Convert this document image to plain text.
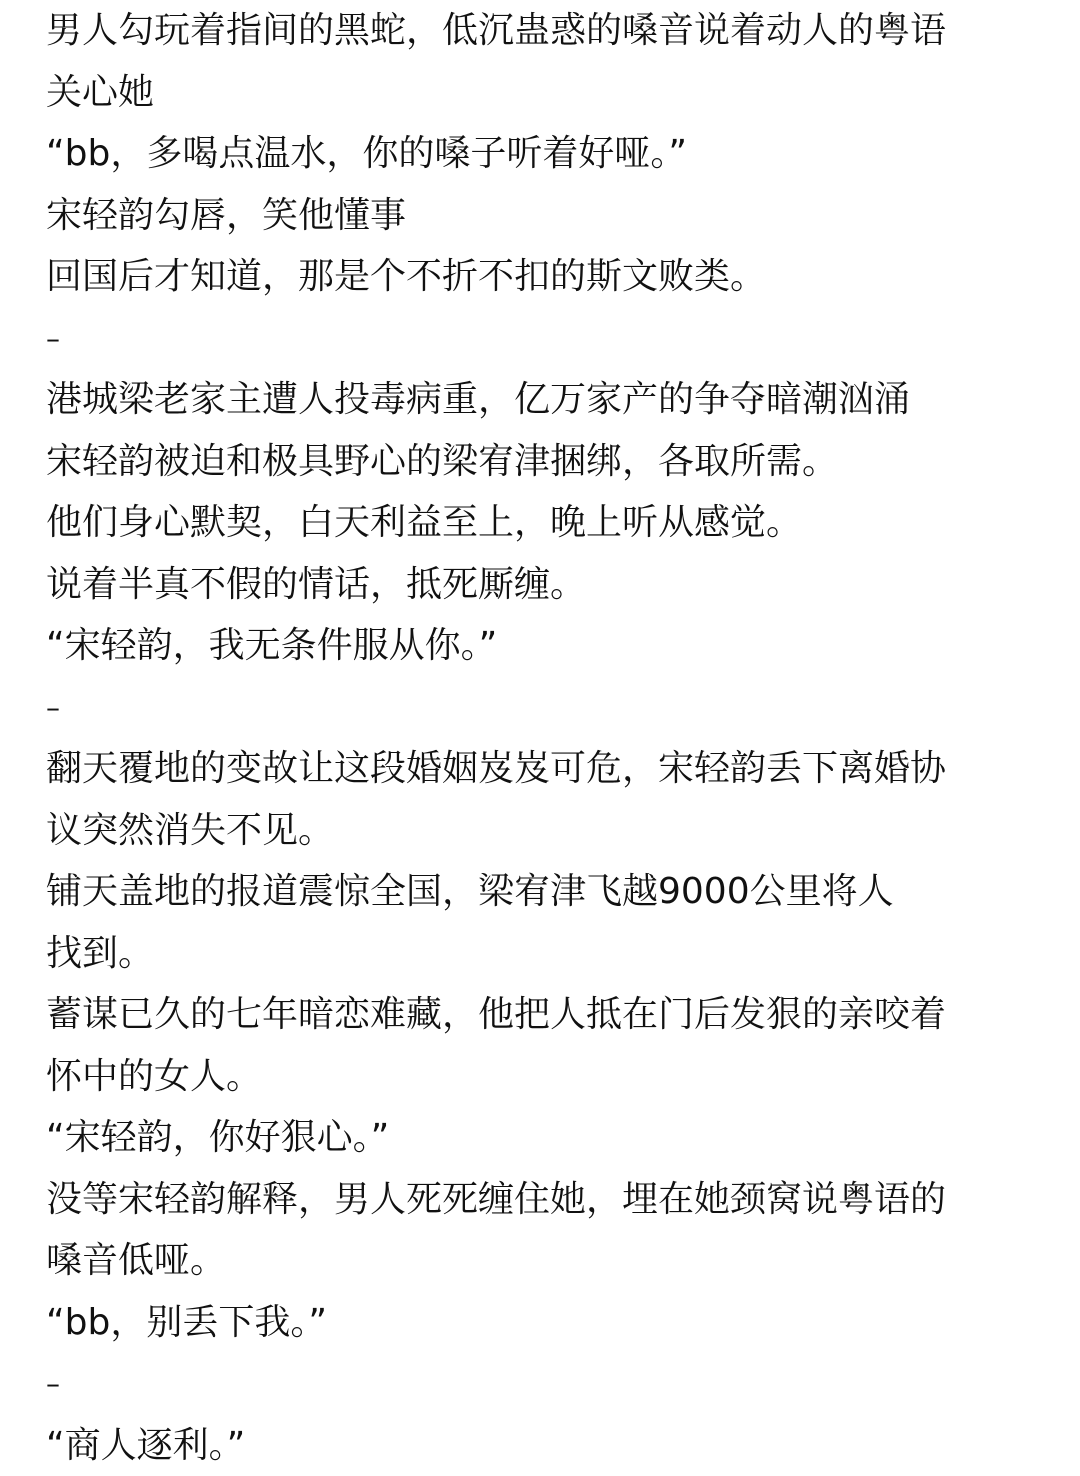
男人勾玩着指间的黑蛇，低沉蛊惑的嗓音说着动人的粤语
关心她
“bb，多喝点温水，你的嗓子听着好哑。”
宋轻韵勾唇，笑他懂事
回国后才知道，那是个不折不扣的斯文败类。
–
港城梁老家主遭人投毒病重，亿万家产的争夺暗潮汹涌
宋轻韵被迫和极具野心的梁宥津捆绑，各取所需。
他们身心默契，白天利益至上，晚上听从感觉。
说着半真不假的情话，抵死厮缠。
“宋轻韵，我无条件服从你。”
–
翻天覆地的变故让这段婚姻岌岌可危，宋轻韵丢下离婚协
议突然消失不见。
铺天盖地的报道震惊全国，梁宥津飞越9000公里将人
找到。
蓄谋已久的七年暗恋难藏，他把人抵在门后发狠的亲咬着
怀中的女人。
“宋轻韵，你好狠心。”
没等宋轻韵解释，男人死死缠住她，埋在她颈窝说粤语的
嗓音低哑。
“bb，别丢下我。”
–
“商人逐利。”
